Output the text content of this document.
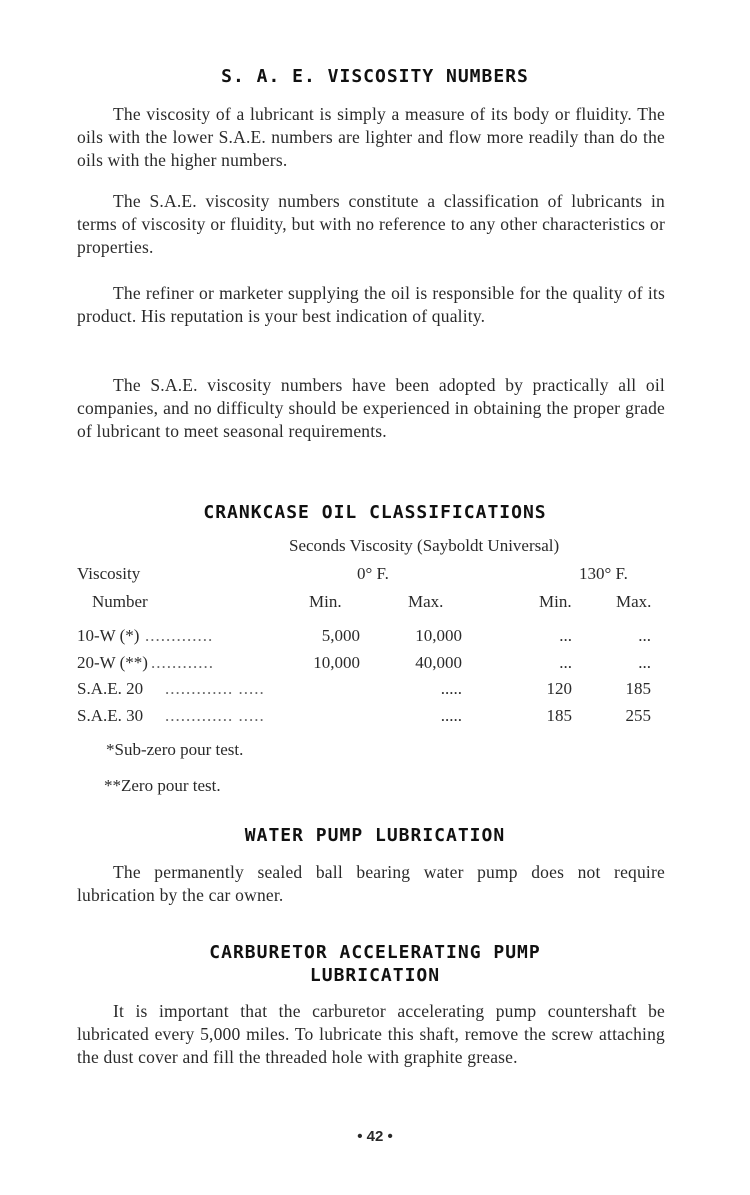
S. A. E. VISCOSITY NUMBERS
The viscosity of a lubricant is simply a measure of its body or fluidity. The oils with the lower S.A.E. numbers are lighter and flow more readily than do the oils with the higher numbers.
The S.A.E. viscosity numbers constitute a classification of lubricants in terms of viscosity or fluidity, but with no reference to any other characteristics or properties.
The refiner or marketer supplying the oil is responsible for the quality of its product. His reputation is your best indication of quality.
The S.A.E. viscosity numbers have been adopted by practically all oil companies, and no difficulty should be experienced in obtaining the proper grade of lubricant to meet seasonal requirements.
CRANKCASE OIL CLASSIFICATIONS
Seconds Viscosity (Sayboldt Universal)
Viscosity
Number
0° F.	130° F.
Min.	Max.	Min.	Max.
10-W (*) .............	5,000	10,000	...	...
20-W (**) ............	10,000	40,000	...	...
S.A.E. 20 ............. .....	.....	120	185
S.A.E. 30 ............. .....	.....	185	255
*Sub-zero pour test.
**Zero pour test.
WATER PUMP LUBRICATION
The permanently sealed ball bearing water pump does not require lubrication by the car owner.
CARBURETOR ACCELERATING PUMP
LUBRICATION
It is important that the carburetor accelerating pump countershaft be lubricated every 5,000 miles. To lubricate this shaft, remove the screw attaching the dust cover and fill the threaded hole with graphite grease.
• 42 •
